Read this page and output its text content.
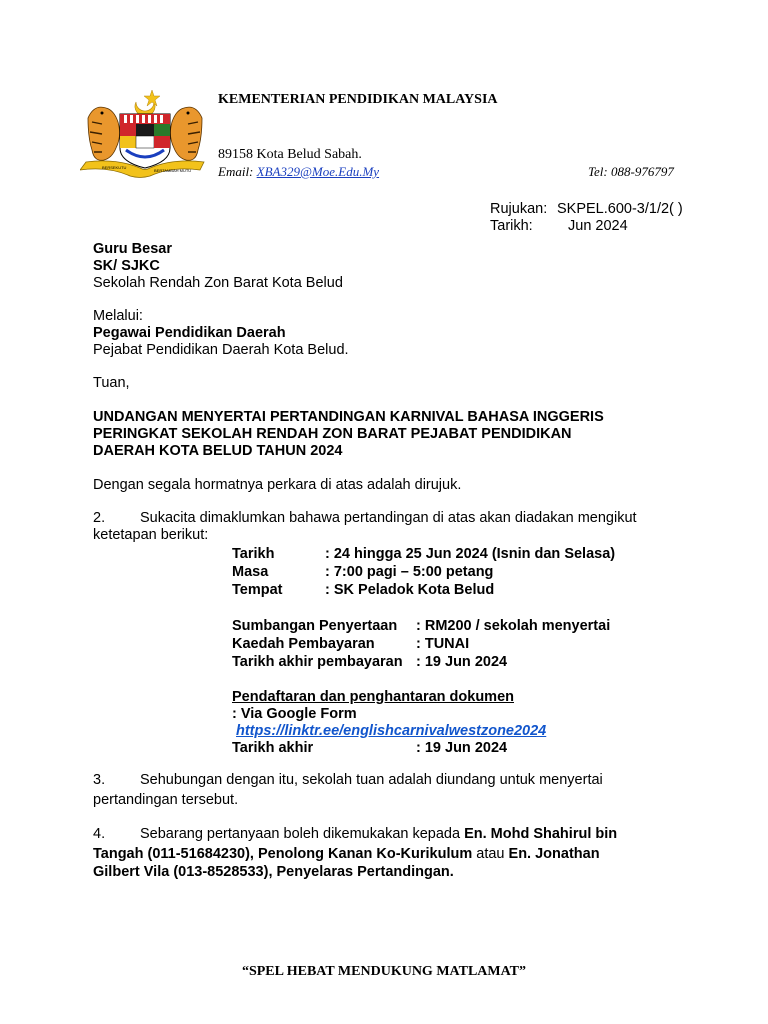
BERSEKUTU
BERTAMBAH MUTU
KEMENTERIAN PENDIDIKAN MALAYSIA
89158 Kota Belud Sabah.
Email: XBA329@Moe.Edu.My	Tel: 088-976797
Rujukan: SKPEL.600-3/1/2( )
Tarikh: Jun 2024
Guru Besar
SK/ SJKC
Sekolah Rendah Zon Barat Kota Belud
Melalui:
Pegawai Pendidikan Daerah
Pejabat Pendidikan Daerah Kota Belud.
Tuan,
UNDANGAN MENYERTAI PERTANDINGAN KARNIVAL BAHASA INGGERIS
PERINGKAT SEKOLAH RENDAH ZON BARAT PEJABAT PENDIDIKAN
DAERAH KOTA BELUD TAHUN 2024
Dengan segala hormatnya perkara di atas adalah dirujuk.
2. Sukacita dimaklumkan bahawa pertandingan di atas akan diadakan mengikut
ketetapan berikut:
Tarikh	: 24 hingga 25 Jun 2024 (Isnin dan Selasa)
Masa	: 7:00 pagi – 5:00 petang
Tempat	: SK Peladok Kota Belud
Sumbangan Penyertaan : RM200 / sekolah menyertai
Kaedah Pembayaran	: TUNAI
Tarikh akhir pembayaran : 19 Jun 2024
Pendaftaran dan penghantaran dokumen
: Via Google Form
https://linktr.ee/englishcarnivalwestzone2024
Tarikh akhir	: 19 Jun 2024
3. Sehubungan dengan itu, sekolah tuan adalah diundang untuk menyertai
pertandingan tersebut.
4. Sebarang pertanyaan boleh dikemukakan kepada En. Mohd Shahirul bin
Tangah (011-51684230), Penolong Kanan Ko-Kurikulum atau En. Jonathan
Gilbert Vila (013-8528533), Penyelaras Pertandingan.
“SPEL HEBAT MENDUKUNG MATLAMAT”
